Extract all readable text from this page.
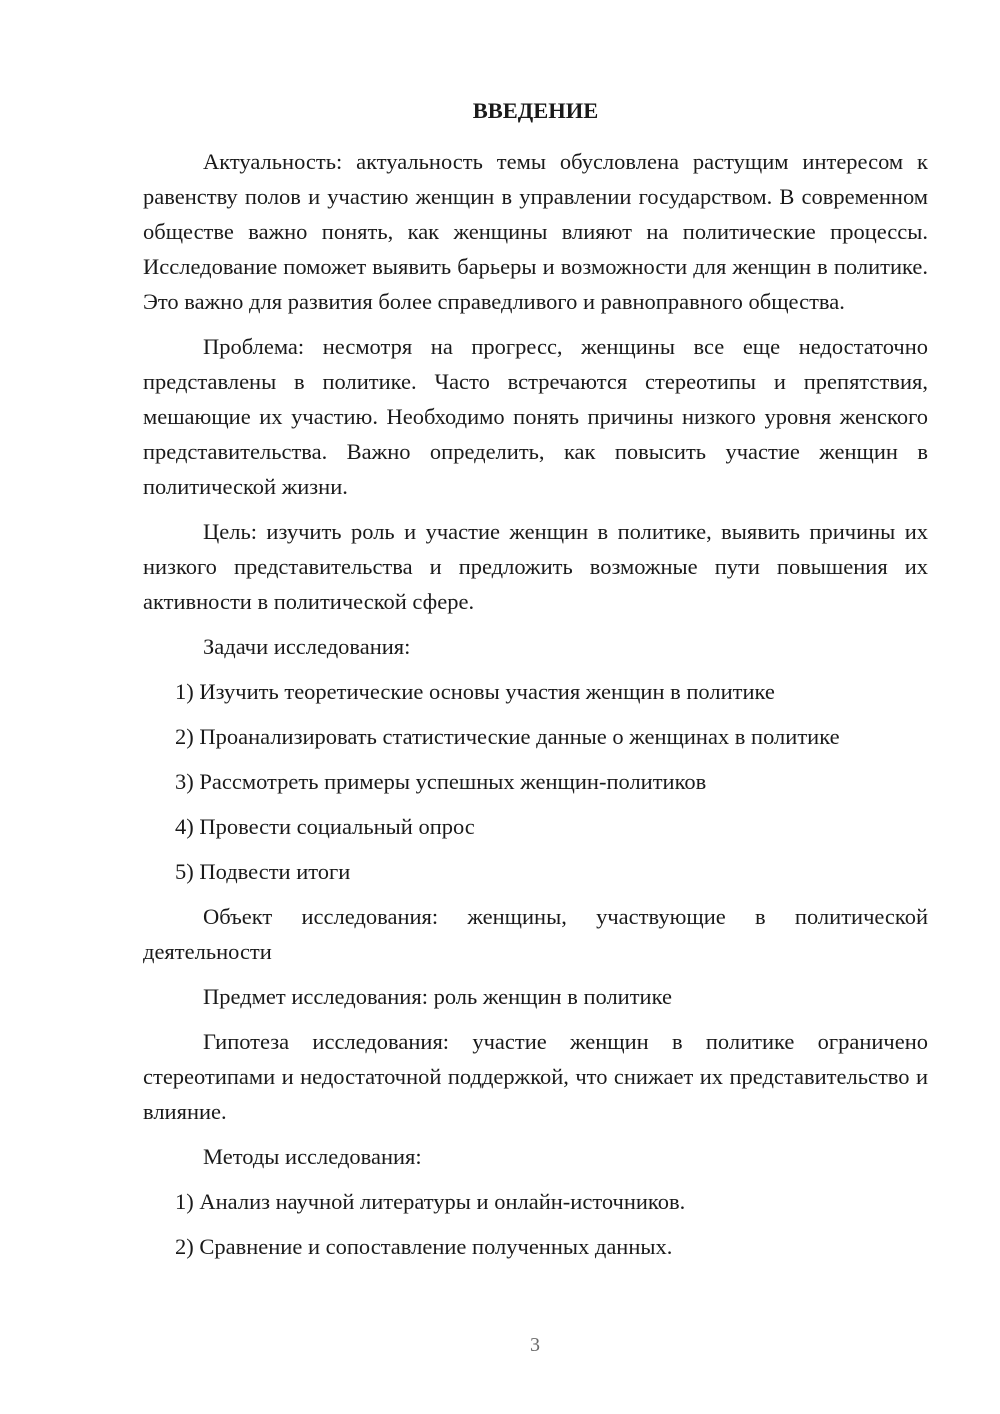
ВВЕДЕНИЕ

Актуальность: актуальность темы обусловлена растущим интересом к равенству полов и участию женщин в управлении государством. В современном обществе важно понять, как женщины влияют на политические процессы. Исследование поможет выявить барьеры и возможности для женщин в политике. Это важно для развития более справедливого и равноправного общества.

Проблема: несмотря на прогресс, женщины все еще недостаточно представлены в политике. Часто встречаются стереотипы и препятствия, мешающие их участию. Необходимо понять причины низкого уровня женского представительства. Важно определить, как повысить участие женщин в политической жизни.

Цель: изучить роль и участие женщин в политике, выявить причины их низкого представительства и предложить возможные пути повышения их активности в политической сфере.

Задачи исследования:

1) Изучить теоретические основы участия женщин в политике

2) Проанализировать статистические данные о женщинах в политике

3) Рассмотреть примеры успешных женщин-политиков

4) Провести социальный опрос

5) Подвести итоги

Объект исследования: женщины, участвующие в политической деятельности

Предмет исследования: роль женщин в политике

Гипотеза исследования: участие женщин в политике ограничено стереотипами и недостаточной поддержкой, что снижает их представительство и влияние.

Методы исследования:

1) Анализ научной литературы и онлайн-источников.

2) Сравнение и сопоставление полученных данных.

3
